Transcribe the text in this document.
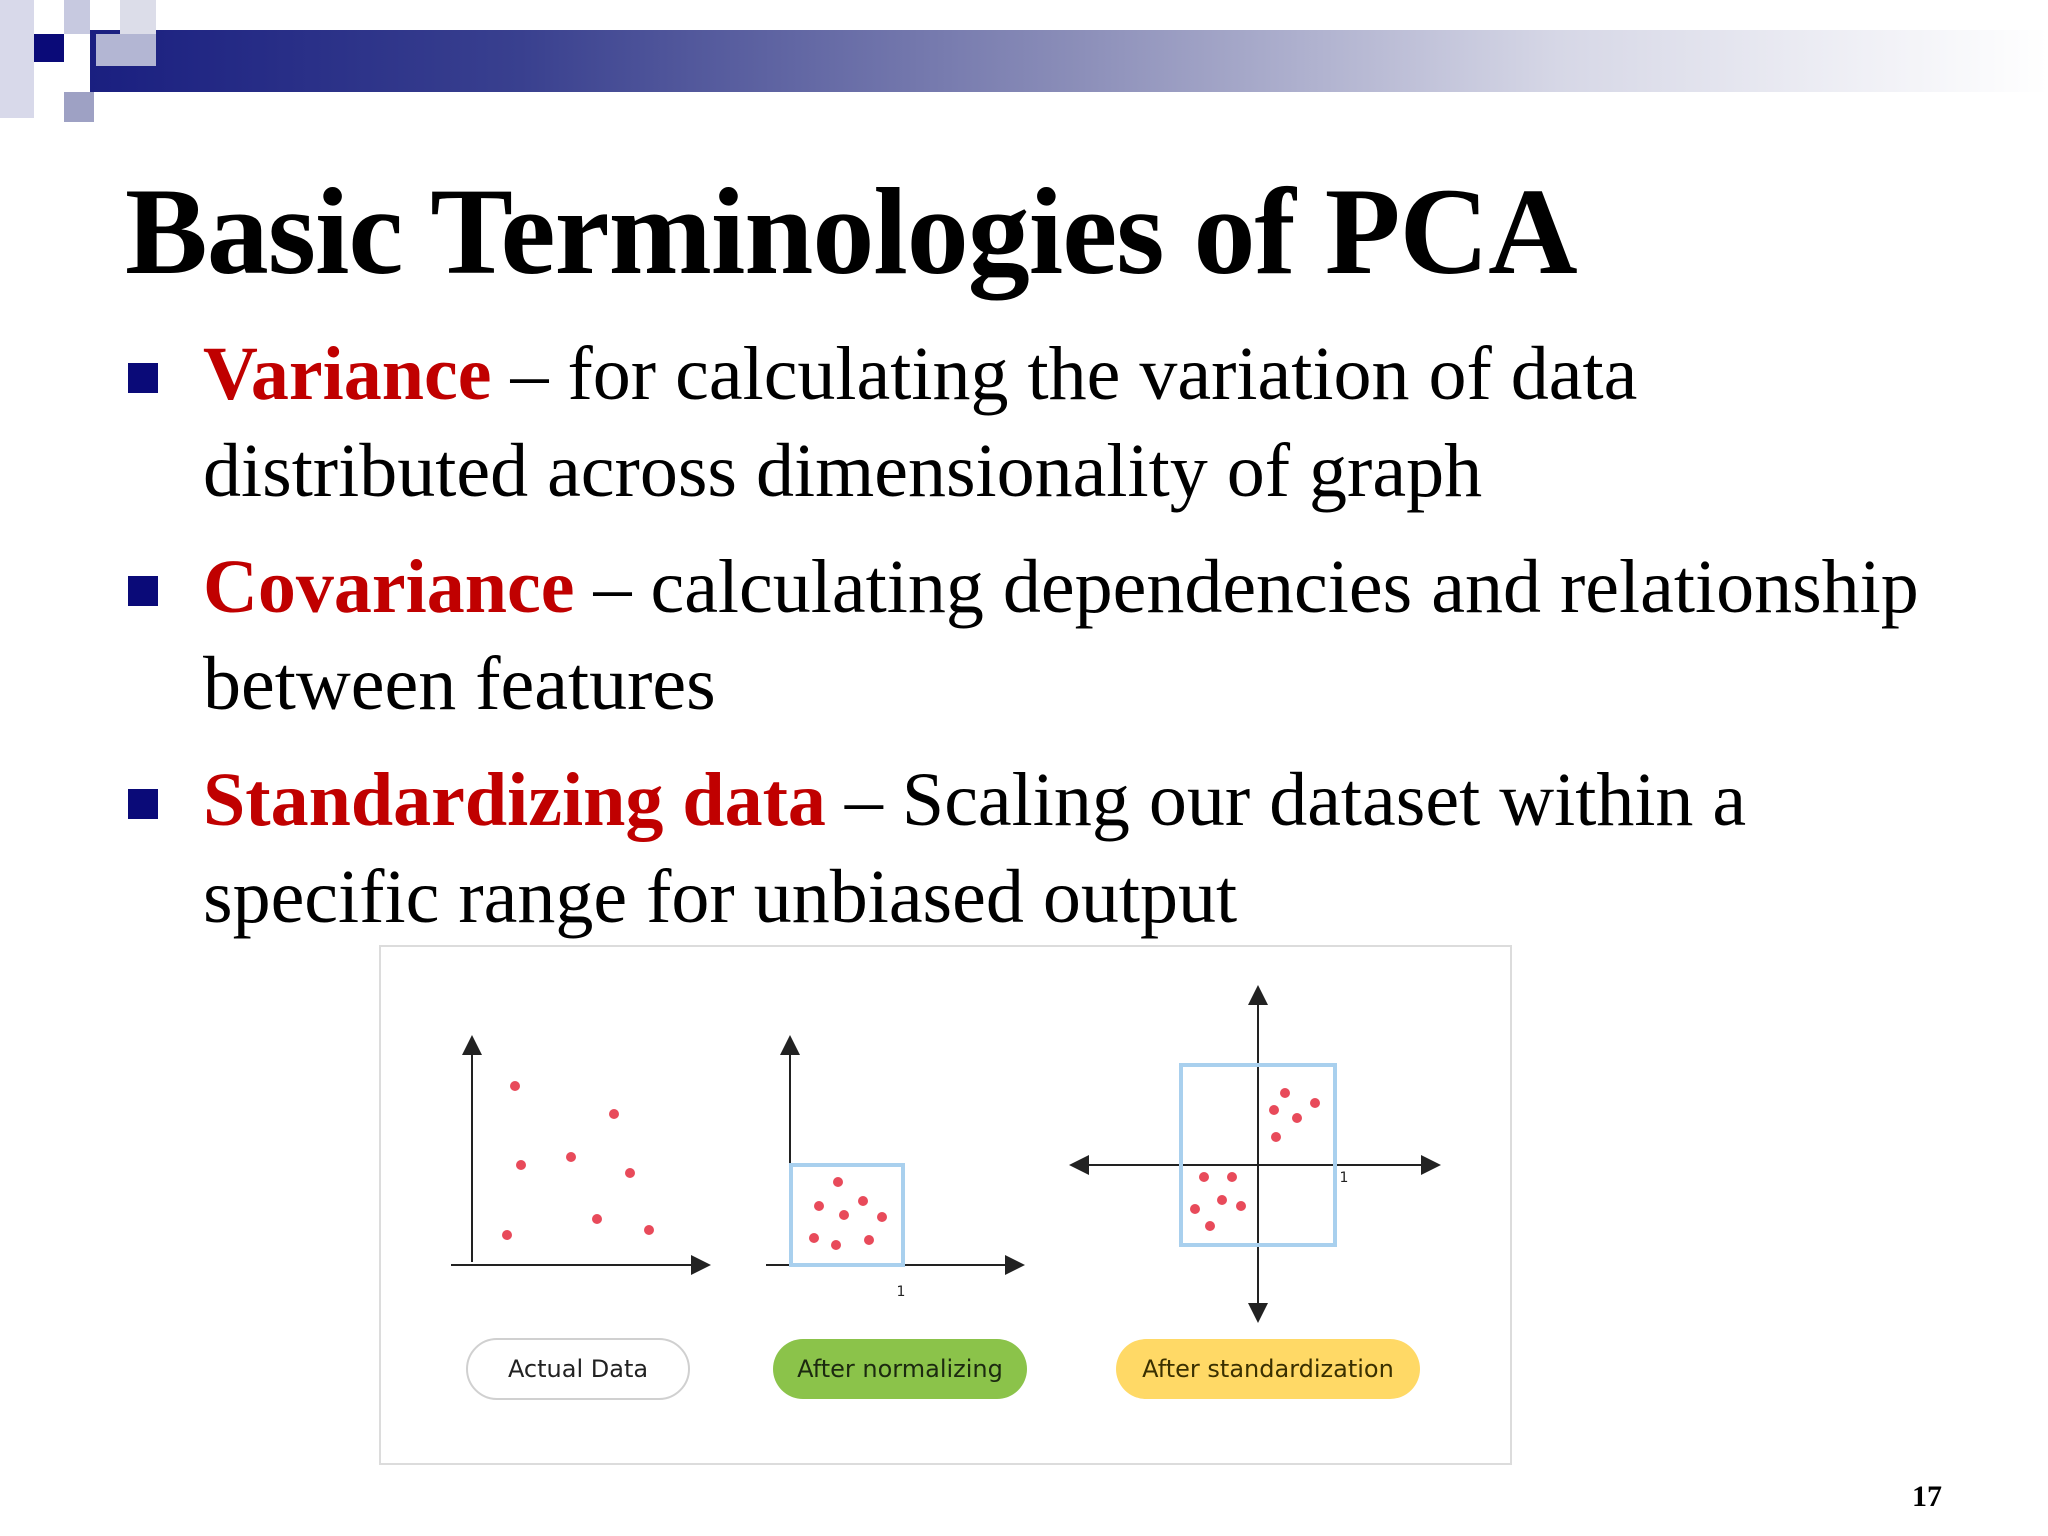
Basic Terminologies of PCA
Variance – for calculating the variation of data distributed across dimensionality of graph
Covariance – calculating dependencies and relationship between features
Standardizing data – Scaling our dataset within a specific range for unbiased output
Actual Data
1
After normalizing
1
After standardization
17
